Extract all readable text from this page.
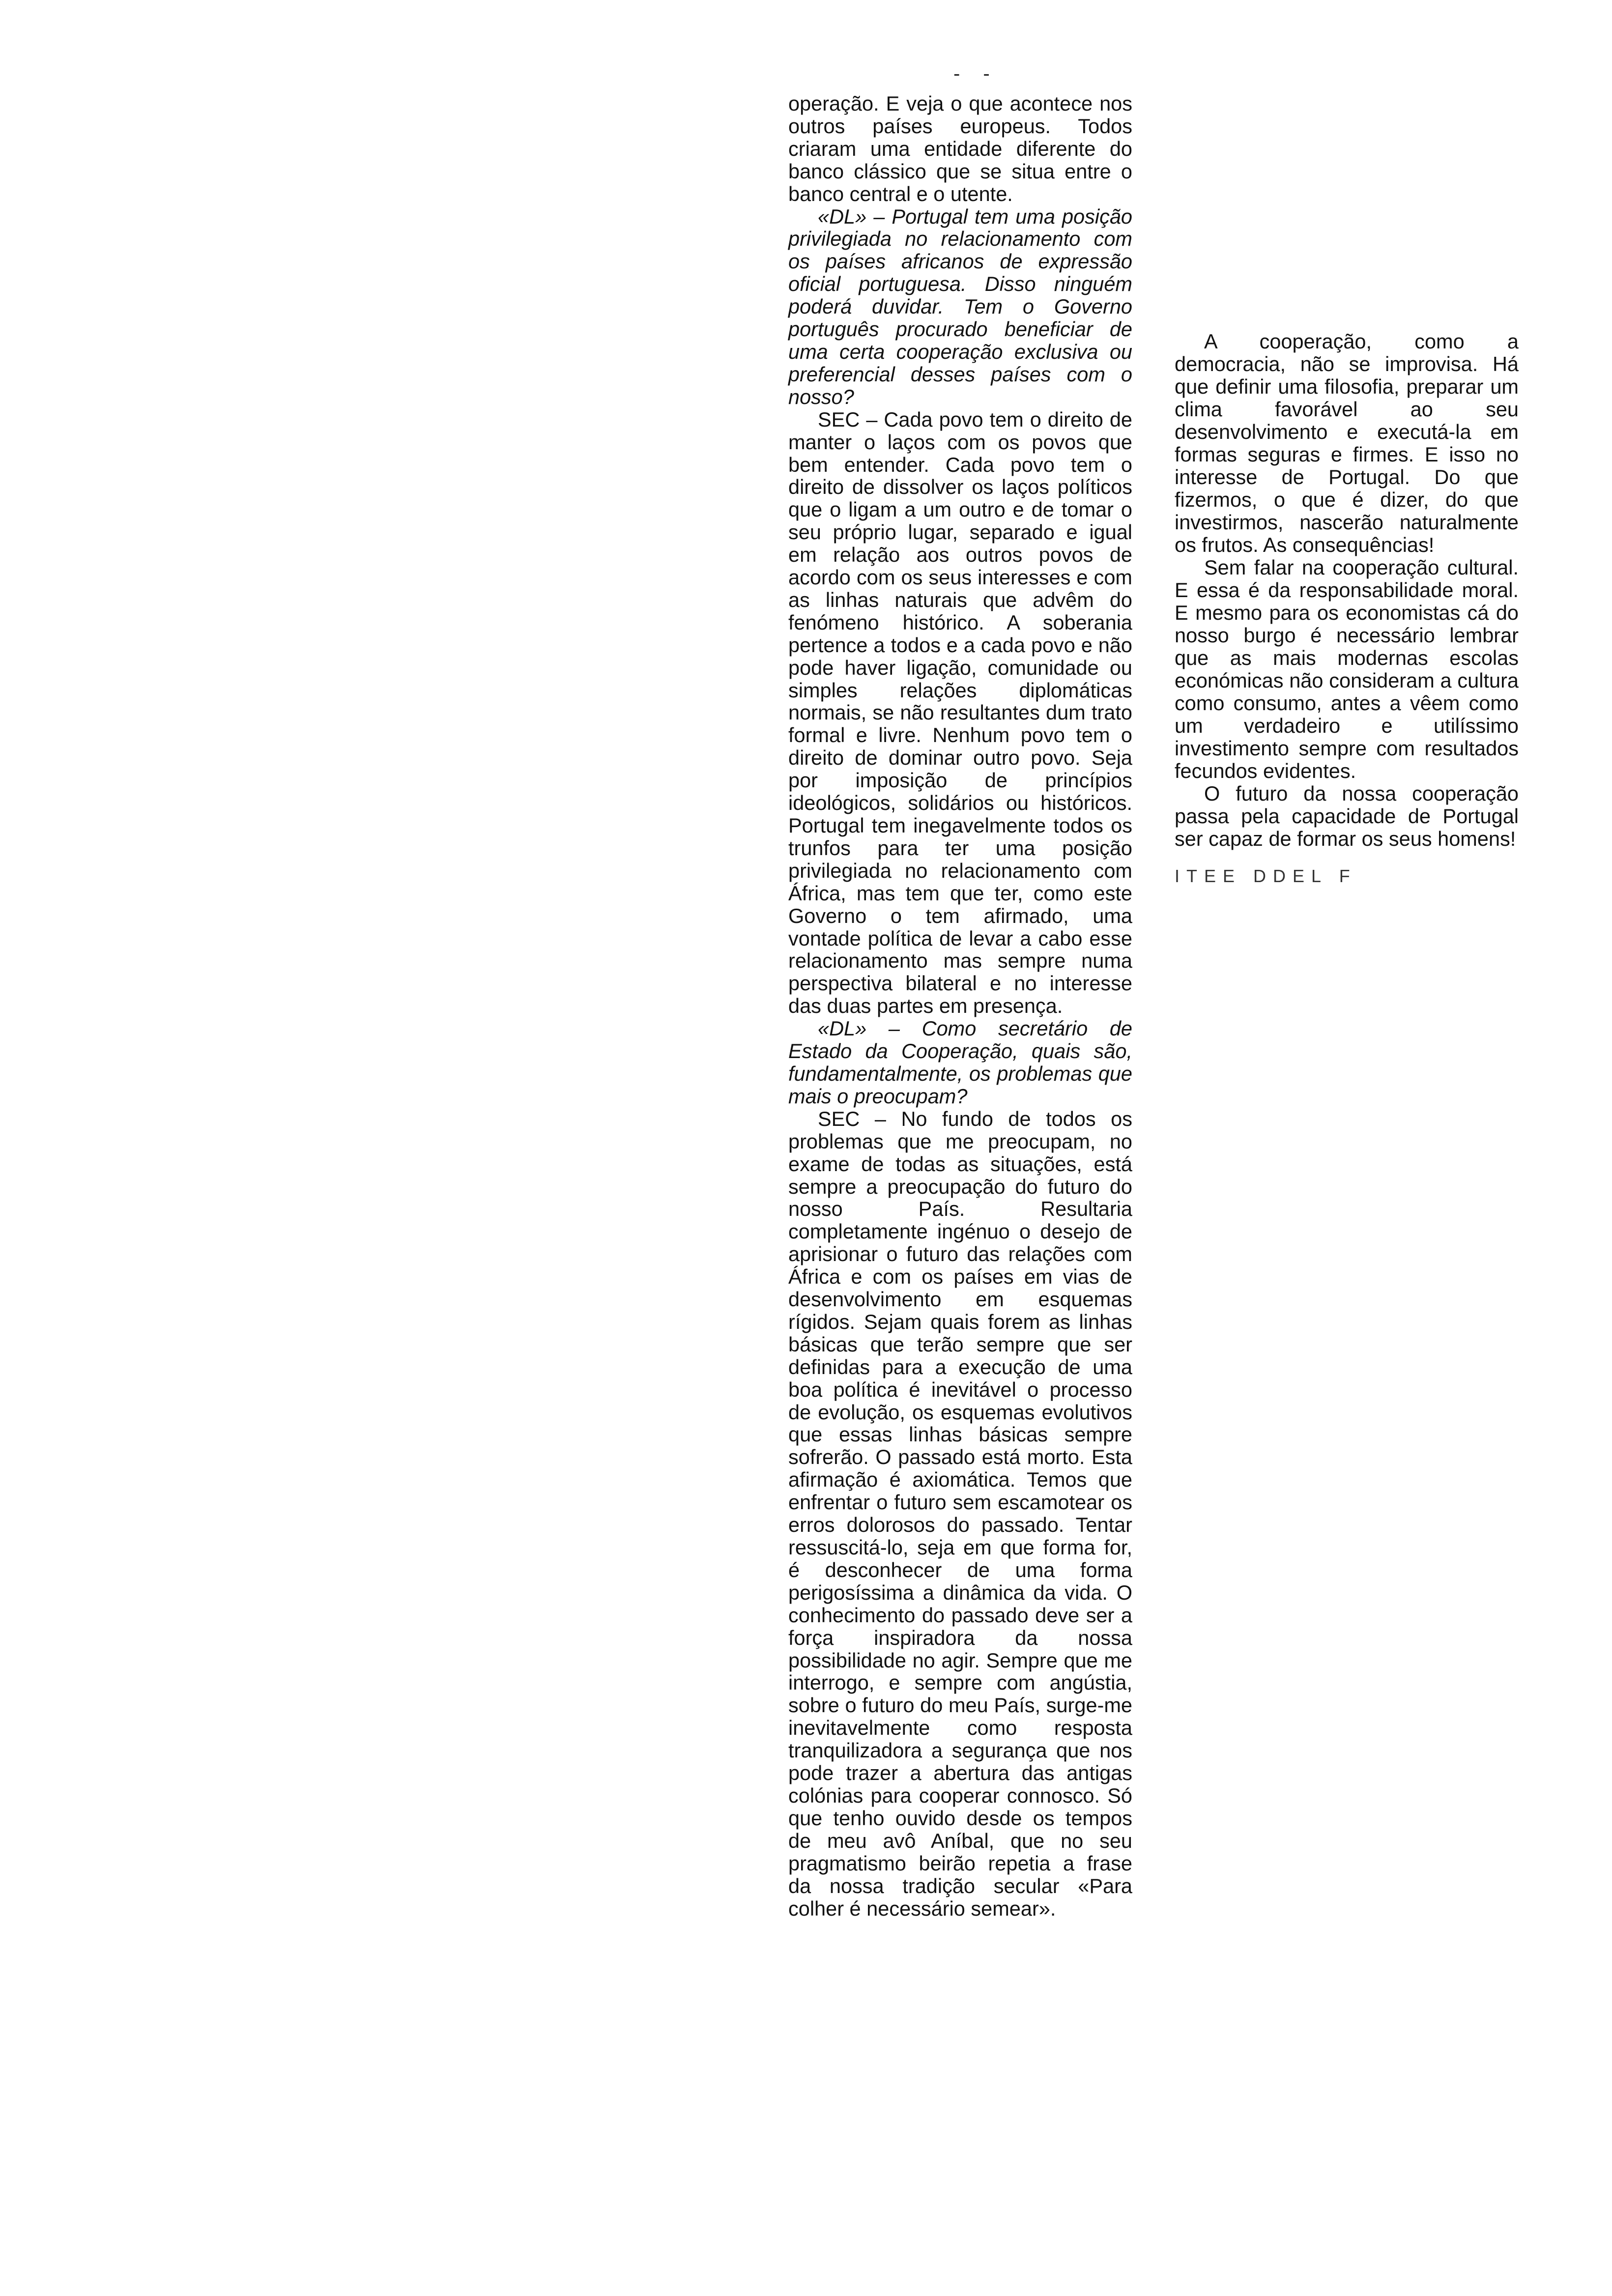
- -

operação. E veja o que acontece nos outros países europeus. Todos criaram uma entidade diferente do banco clássico que se situa entre o banco central e o utente.

«DL» – Portugal tem uma posição privilegiada no relacionamento com os países africanos de expressão oficial portuguesa. Disso ninguém poderá duvidar. Tem o Governo português procurado beneficiar de uma certa cooperação exclusiva ou preferencial desses países com o nosso?

SEC – Cada povo tem o direito de manter o laços com os povos que bem entender. Cada povo tem o direito de dissolver os laços políticos que o ligam a um outro e de tomar o seu próprio lugar, separado e igual em relação aos outros povos de acordo com os seus interesses e com as linhas naturais que advêm do fenómeno histórico. A soberania pertence a todos e a cada povo e não pode haver ligação, comunidade ou simples relações diplomáticas normais, se não resultantes dum trato formal e livre. Nenhum povo tem o direito de dominar outro povo. Seja por imposição de princípios ideológicos, solidários ou históricos. Portugal tem inegavelmente todos os trunfos para ter uma posição privilegiada no relacionamento com África, mas tem que ter, como este Governo o tem afirmado, uma vontade política de levar a cabo esse relacionamento mas sempre numa perspectiva bilateral e no interesse das duas partes em presença.

«DL» – Como secretário de Estado da Cooperação, quais são, fundamentalmente, os problemas que mais o preocupam?

SEC – No fundo de todos os problemas que me preocupam, no exame de todas as situações, está sempre a preocupação do futuro do nosso País. Resultaria completamente ingénuo o desejo de aprisionar o futuro das relações com África e com os países em vias de desenvolvimento em esquemas rígidos. Sejam quais forem as linhas básicas que terão sempre que ser definidas para a execução de uma boa política é inevitável o processo de evolução, os esquemas evolutivos que essas linhas básicas sempre sofrerão. O passado está morto. Esta afirmação é axiomática. Temos que enfrentar o futuro sem escamotear os erros dolorosos do passado. Tentar ressuscitá-lo, seja em que forma for, é desconhecer de uma forma perigosíssima a dinâmica da vida. O conhecimento do passado deve ser a força inspiradora da nossa possibilidade no agir. Sempre que me interrogo, e sempre com angústia, sobre o futuro do meu País, surge-me inevitavelmente como resposta tranquilizadora a segurança que nos pode trazer a abertura das antigas colónias para cooperar connosco. Só que tenho ouvido desde os tempos de meu avô Aníbal, que no seu pragmatismo beirão repetia a frase da nossa tradição secular «Para colher é necessário semear».

A cooperação, como a democracia, não se improvisa. Há que definir uma filosofia, preparar um clima favorável ao seu desenvolvimento e executá-la em formas seguras e firmes. E isso no interesse de Portugal. Do que fizermos, o que é dizer, do que investirmos, nascerão naturalmente os frutos. As consequências!

Sem falar na cooperação cultural. E essa é da responsabilidade moral. E mesmo para os economistas cá do nosso burgo é necessário lembrar que as mais modernas escolas económicas não consideram a cultura como consumo, antes a vêem como um verdadeiro e utilíssimo investimento sempre com resultados fecundos evidentes.

O futuro da nossa cooperação passa pela capacidade de Portugal ser capaz de formar os seus homens!

ITEE DDEL F
